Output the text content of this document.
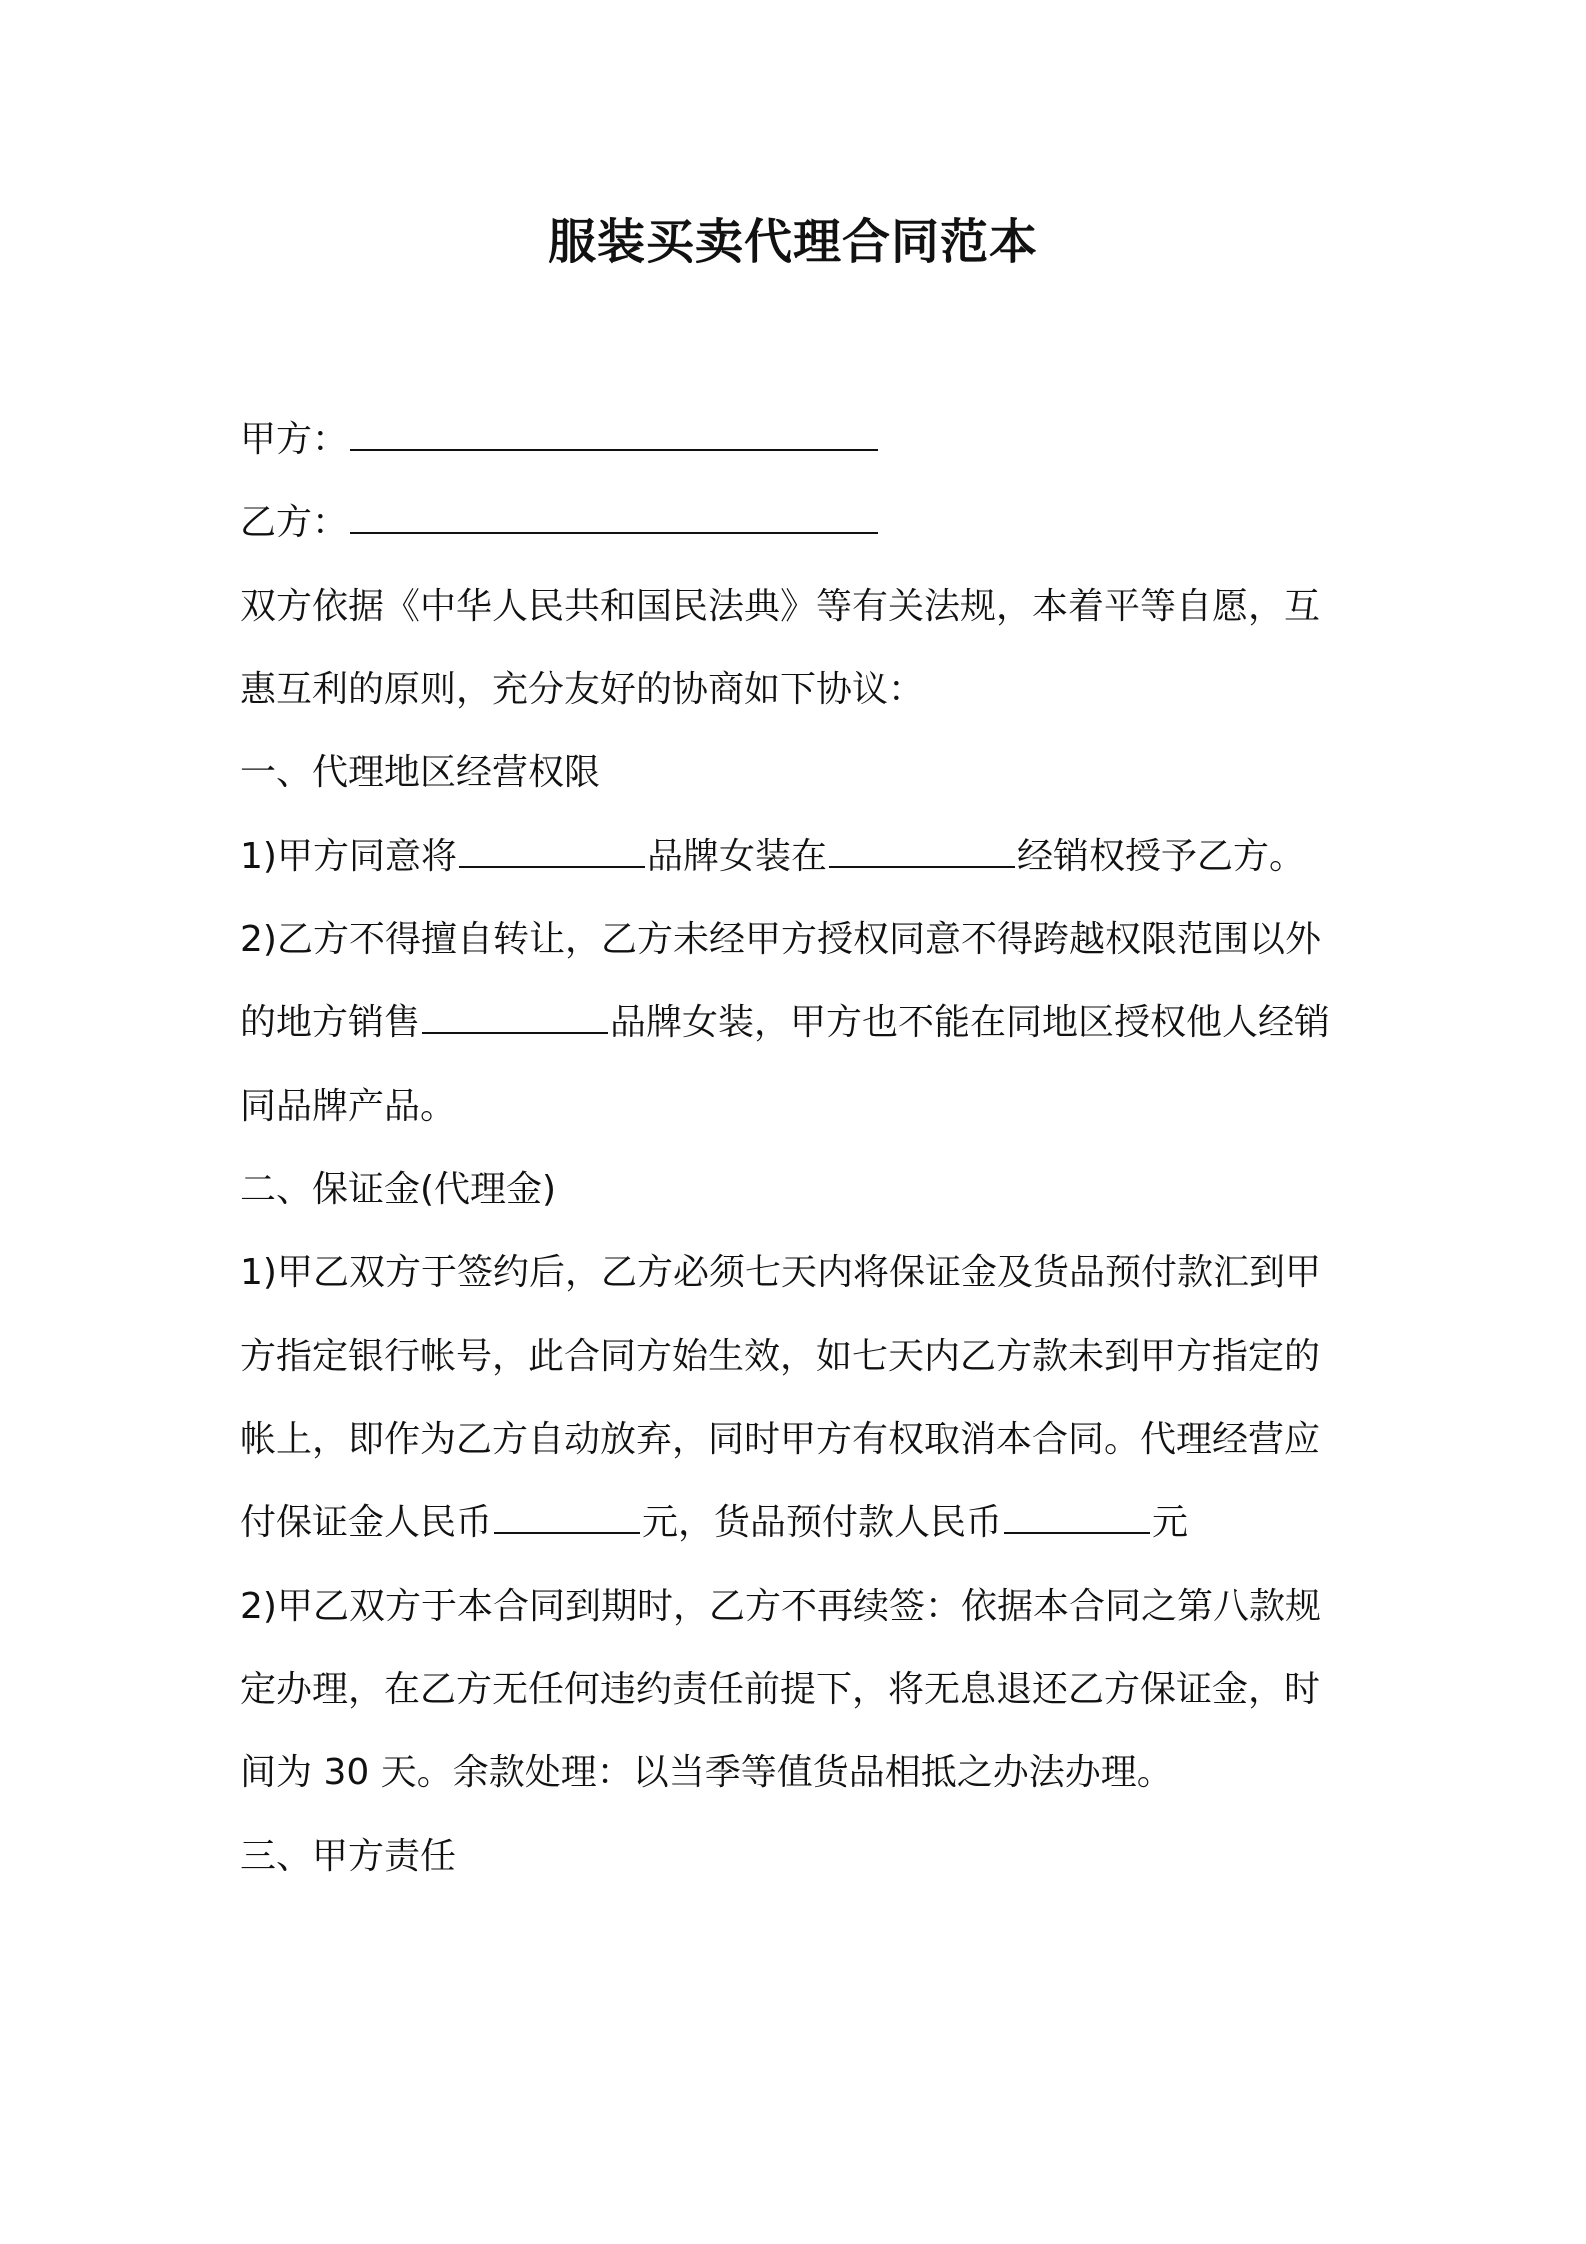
服装买卖代理合同范本

甲方：

乙方：

双方依据《中华人民共和国民法典》等有关法规，本着平等自愿，互

惠互利的原则，充分友好的协商如下协议：

一、代理地区经营权限

1)甲方同意将	品牌女装在	经销权授予乙方。

2)乙方不得擅自转让，乙方未经甲方授权同意不得跨越权限范围以外

的地方销售	品牌女装，甲方也不能在同地区授权他人经销

同品牌产品。

二、保证金(代理金)

1)甲乙双方于签约后，乙方必须七天内将保证金及货品预付款汇到甲

方指定银行帐号，此合同方始生效，如七天内乙方款未到甲方指定的

帐上，即作为乙方自动放弃，同时甲方有权取消本合同。代理经营应

付保证金人民币	元，货品预付款人民币	元

2)甲乙双方于本合同到期时，乙方不再续签：依据本合同之第八款规

定办理，在乙方无任何违约责任前提下，将无息退还乙方保证金，时

间为 30 天。余款处理：以当季等值货品相抵之办法办理。

三、甲方责任
